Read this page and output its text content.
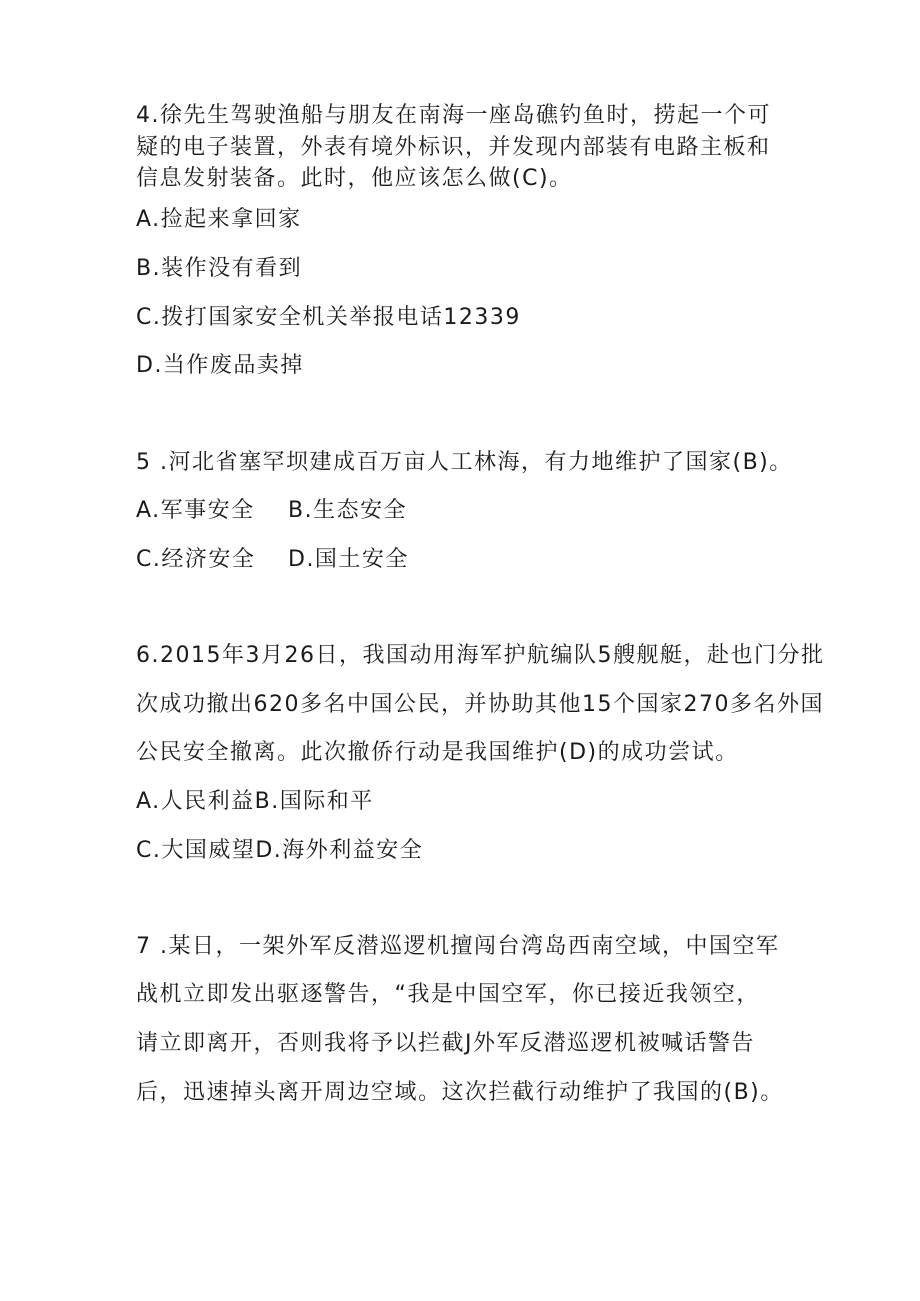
4.徐先生驾驶渔船与朋友在南海一座岛礁钓鱼时，捞起一个可
疑的电子装置，外表有境外标识，并发现内部装有电路主板和
信息发射装备。此时，他应该怎么做(C)。
A.捡起来拿回家
B.装作没有看到
C.拨打国家安全机关举报电话12339
D.当作废品卖掉
5 .河北省塞罕坝建成百万亩人工林海，有力地维护了国家(B)。
A.军事安全 B.生态安全
C.经济安全 D.国土安全
6.2015年3月26日，我国动用海军护航编队5艘舰艇，赴也门分批
次成功撤出620多名中国公民，并协助其他15个国家270多名外国
公民安全撤离。此次撤侨行动是我国维护(D)的成功尝试。
A.人民利益B.国际和平
C.大国威望D.海外利益安全
7 .某日，一架外军反潜巡逻机擅闯台湾岛西南空域，中国空军
战机立即发出驱逐警告，“我是中国空军，你已接近我领空，
请立即离开，否则我将予以拦截J外军反潜巡逻机被喊话警告
后，迅速掉头离开周边空域。这次拦截行动维护了我国的(B)。
